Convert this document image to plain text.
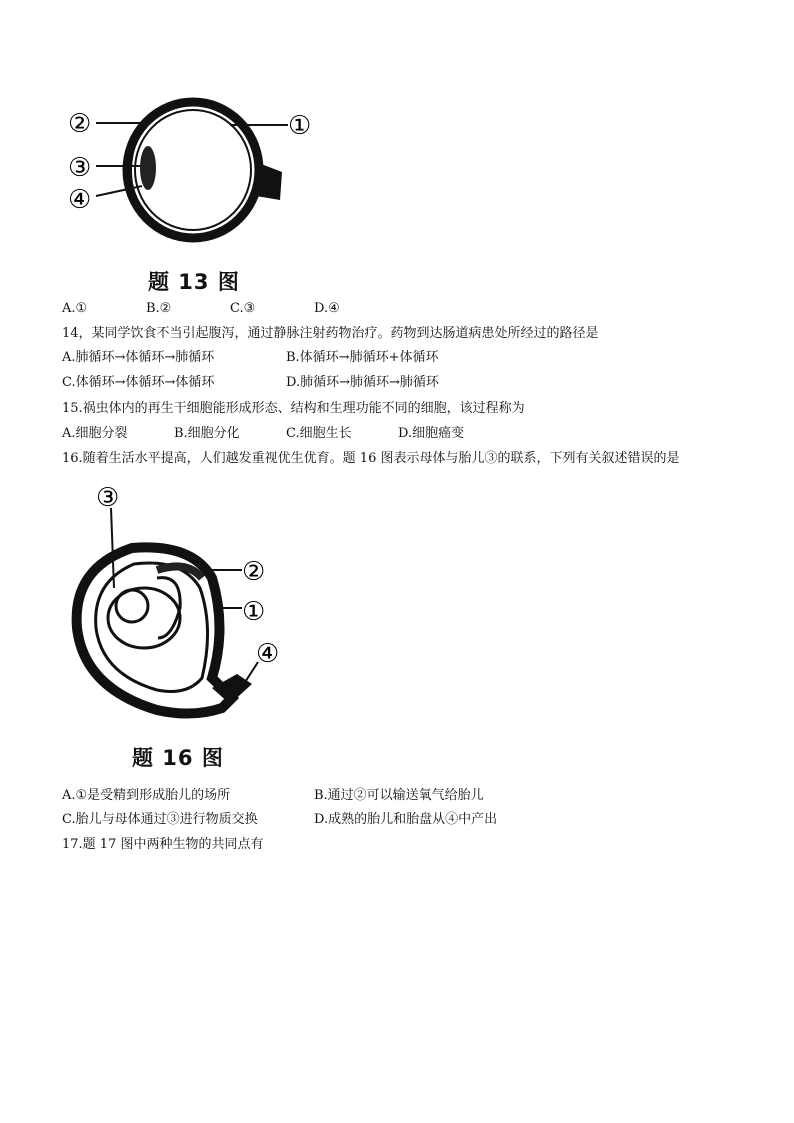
②	①
③
④
题 13 图
A.①	B.②	C.③	D.④
14，某同学饮食不当引起腹泻，通过静脉注射药物治疗。药物到达肠道病患处所经过的路径是
A.肺循环→体循环→肺循环	B.体循环→肺循环+体循环
C.体循环→体循环→体循环	D.肺循环→肺循环→肺循环
15.祸虫体内的再生干细胞能形成形态、结构和生理功能不同的细胞，该过程称为
A.细胞分裂	B.细胞分化	C.细胞生长	D.细胞癌变
16.随着生活水平提高，人们越发重视优生优育。题 16 图表示母体与胎儿③的联系，下列有关叙述错误的是
③
②
①
④
题 16 图
A.①是受精到形成胎儿的场所	B.通过②可以输送氧气给胎儿
C.胎儿与母体通过③进行物质交换	D.成熟的胎儿和胎盘从④中产出
17.题 17 图中两种生物的共同点有
